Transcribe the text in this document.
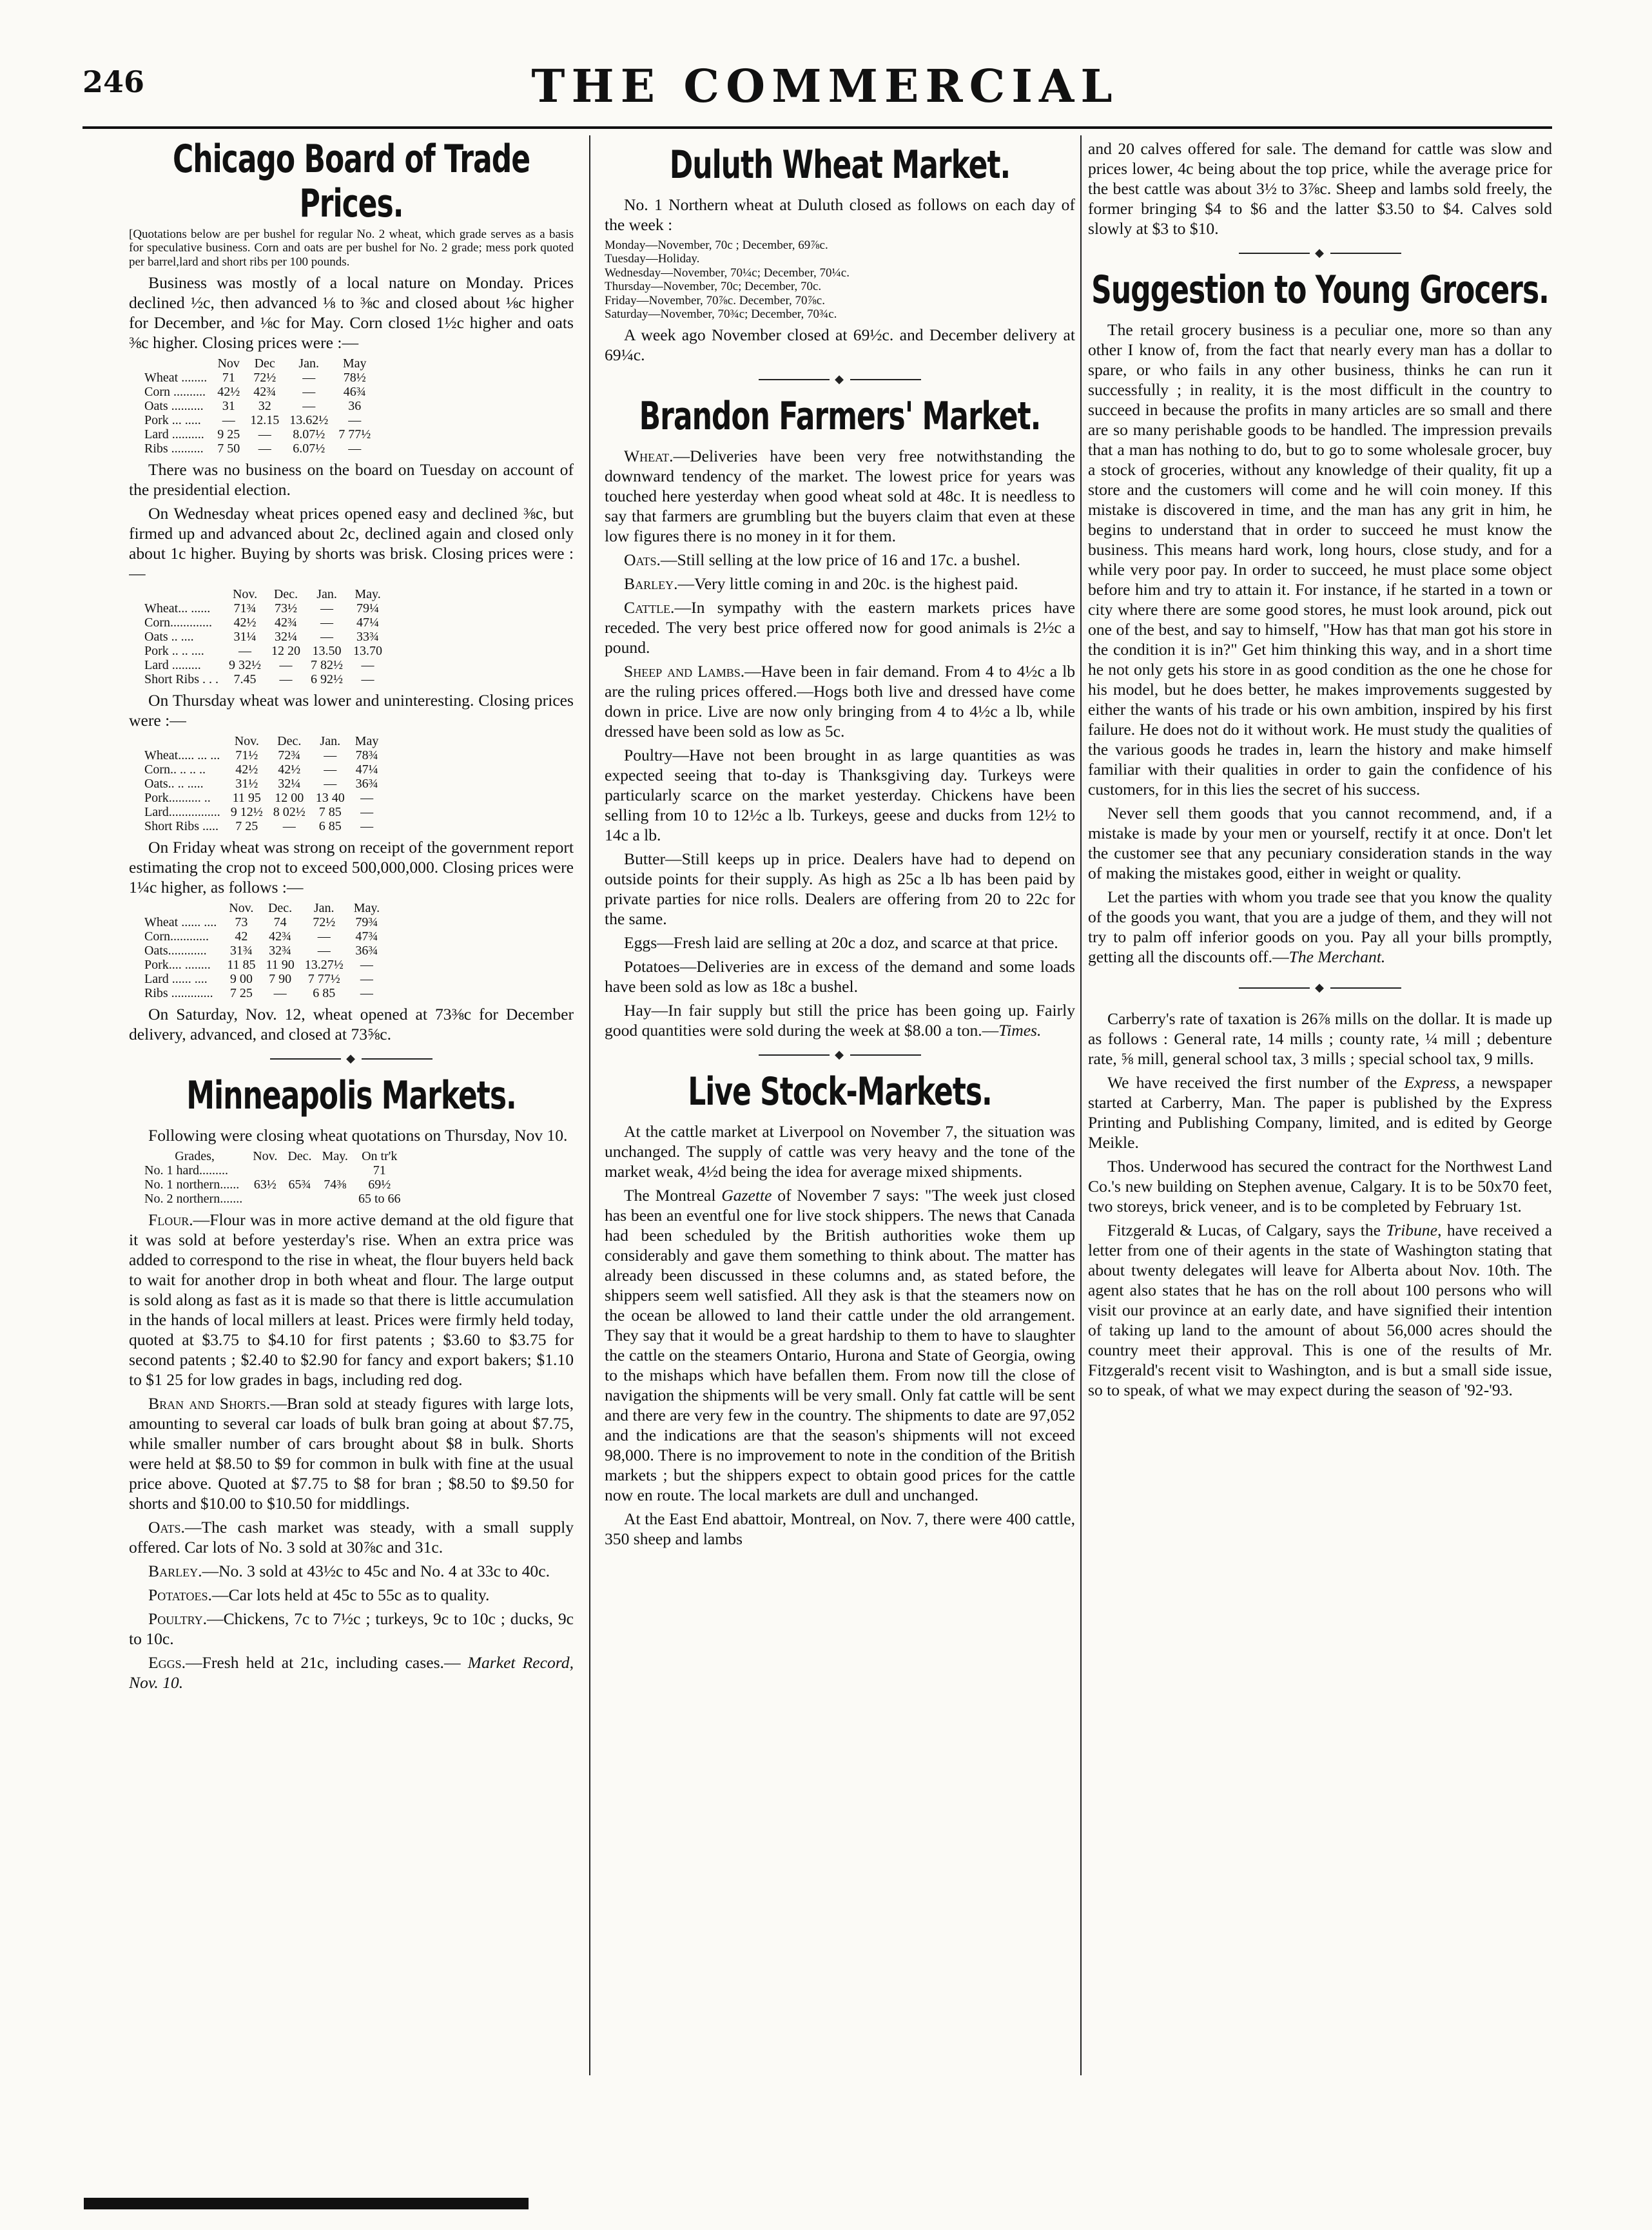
246	THE COMMERCIAL
Chicago Board of Trade Prices.

[Quotations below are per bushel for regular No. 2 wheat, which grade serves as a basis for speculative business. Corn and oats are per bushel for No. 2 grade; mess pork quoted per barrel,lard and short ribs per 100 pounds.

Business was mostly of a local nature on Monday. Prices declined ½c, then advanced ⅛ to ⅜c and closed about ⅛c higher for December, and ⅛c for May. Corn closed 1½c higher and oats ⅜c higher. Closing prices were :—

	Nov	Dec	Jan.	May
Wheat ........	71	72½	—	78½
Corn ..........	42½	42¾	—	46¾
Oats ..........	31	32	—	36
Pork ... .....	—	12.15	13.62½	—
Lard ..........	9 25	—	8.07½	7 77½
Ribs ..........	7 50	—	6.07½	—

There was no business on the board on Tuesday on account of the presidential election.

On Wednesday wheat prices opened easy and declined ⅜c, but firmed up and advanced about 2c, declined again and closed only about 1c higher. Buying by shorts was brisk. Closing prices were :—

	Nov.	Dec.	Jan.	May.
Wheat... ......	71¾	73½	—	79¼
Corn.............	42½	42¾	—	47¼
Oats .. ....	31¼	32¼	—	33¾
Pork .. .. ....	—	12 20	13.50	13.70
Lard .........	9 32½	—	7 82½	—
Short Ribs . . .	7.45	—	6 92½	—

On Thursday wheat was lower and uninteresting. Closing prices were :—

	Nov.	Dec.	Jan.	May
Wheat..... ... ...	71½	72¾	—	78¾
Corn.. .. .. ..	42½	42½	—	47¼
Oats.. .. .....	31½	32¼	—	36¾
Pork.......... ..	11 95	12 00	13 40	—
Lard................	9 12½	8 02½	7 85	—
Short Ribs .....	7 25	—	6 85	—

On Friday wheat was strong on receipt of the government report estimating the crop not to exceed 500,000,000. Closing prices were 1¼c higher, as follows :—

	Nov.	Dec.	Jan.	May.
Wheat ...... ....	73	74	72½	79¾
Corn............	42	42¾	—	47¾
Oats............	31¾	32¾	—	36¾
Pork.... ........	11 85	11 90	13.27½	—
Lard ...... ....	9 00	7 90	7 77½	—
Ribs .............	7 25	—	6 85	—

On Saturday, Nov. 12, wheat opened at 73⅜c for December delivery, advanced, and closed at 73⅝c.

◆
Minneapolis Markets.

Following were closing wheat quotations on Thursday, Nov 10.

Grades,	Nov.	Dec.	May.	On tr'k
No. 1 hard.........				71
No. 1 northern......	63½	65¾	74⅜	69½
No. 2 northern.......				65 to 66

Flour.—Flour was in more active demand at the old figure that it was sold at before yesterday's rise. When an extra price was added to correspond to the rise in wheat, the flour buyers held back to wait for another drop in both wheat and flour. The large output is sold along as fast as it is made so that there is little accumulation in the hands of local millers at least. Prices were firmly held today, quoted at $3.75 to $4.10 for first patents ; $3.60 to $3.75 for second patents ; $2.40 to $2.90 for fancy and export bakers; $1.10 to $1 25 for low grades in bags, including red dog.

Bran and Shorts.—Bran sold at steady figures with large lots, amounting to several car loads of bulk bran going at about $7.75, while smaller number of cars brought about $8 in bulk. Shorts were held at $8.50 to $9 for common in bulk with fine at the usual price above. Quoted at $7.75 to $8 for bran ; $8.50 to $9.50 for shorts and $10.00 to $10.50 for middlings.

Oats.—The cash market was steady, with a small supply offered. Car lots of No. 3 sold at 30⅞c and 31c.

Barley.—No. 3 sold at 43½c to 45c and No. 4 at 33c to 40c.

Potatoes.—Car lots held at 45c to 55c as to quality.

Poultry.—Chickens, 7c to 7½c ; turkeys, 9c to 10c ; ducks, 9c to 10c.

Eggs.—Fresh held at 21c, including cases.— Market Record, Nov. 10.

Duluth Wheat Market.

No. 1 Northern wheat at Duluth closed as follows on each day of the week :

Monday—November, 70c ; December, 69⅞c.

Tuesday—Holiday.

Wednesday—November, 70¼c; December, 70¼c.

Thursday—November, 70c; December, 70c.

Friday—November, 70⅞c. December, 70⅞c.

Saturday—November, 70¾c; December, 70¾c.

A week ago November closed at 69½c. and December delivery at 69¼c.

◆
Brandon Farmers' Market.

Wheat.—Deliveries have been very free notwithstanding the downward tendency of the market. The lowest price for years was touched here yesterday when good wheat sold at 48c. It is needless to say that farmers are grumbling but the buyers claim that even at these low figures there is no money in it for them.

Oats.—Still selling at the low price of 16 and 17c. a bushel.

Barley.—Very little coming in and 20c. is the highest paid.

Cattle.—In sympathy with the eastern markets prices have receded. The very best price offered now for good animals is 2½c a pound.

Sheep and Lambs.—Have been in fair demand. From 4 to 4½c a lb are the ruling prices offered.—Hogs both live and dressed have come down in price. Live are now only bringing from 4 to 4½c a lb, while dressed have been sold as low as 5c.

Poultry—Have not been brought in as large quantities as was expected seeing that to-day is Thanksgiving day. Turkeys were particularly scarce on the market yesterday. Chickens have been selling from 10 to 12½c a lb. Turkeys, geese and ducks from 12½ to 14c a lb.

Butter—Still keeps up in price. Dealers have had to depend on outside points for their supply. As high as 25c a lb has been paid by private parties for nice rolls. Dealers are offering from 20 to 22c for the same.

Eggs—Fresh laid are selling at 20c a doz, and scarce at that price.

Potatoes—Deliveries are in excess of the demand and some loads have been sold as low as 18c a bushel.

Hay—In fair supply but still the price has been going up. Fairly good quantities were sold during the week at $8.00 a ton.—Times.

◆
Live Stock-Markets.

At the cattle market at Liverpool on November 7, the situation was unchanged. The supply of cattle was very heavy and the tone of the market weak, 4½d being the idea for average mixed shipments.

The Montreal Gazette of November 7 says: "The week just closed has been an eventful one for live stock shippers. The news that Canada had been scheduled by the British authorities woke them up considerably and gave them something to think about. The matter has already been discussed in these columns and, as stated before, the shippers seem well satisfied. All they ask is that the steamers now on the ocean be allowed to land their cattle under the old arrangement. They say that it would be a great hardship to them to have to slaughter the cattle on the steamers Ontario, Hurona and State of Georgia, owing to the mishaps which have befallen them. From now till the close of navigation the shipments will be very small. Only fat cattle will be sent and there are very few in the country. The shipments to date are 97,052 and the indications are that the season's shipments will not exceed 98,000. There is no improvement to note in the condition of the British markets ; but the shippers expect to obtain good prices for the cattle now en route. The local markets are dull and unchanged.

At the East End abattoir, Montreal, on Nov. 7, there were 400 cattle, 350 sheep and lambs

and 20 calves offered for sale. The demand for cattle was slow and prices lower, 4c being about the top price, while the average price for the best cattle was about 3½ to 3⅞c. Sheep and lambs sold freely, the former bringing $4 to $6 and the latter $3.50 to $4. Calves sold slowly at $3 to $10.

◆
Suggestion to Young Grocers.

The retail grocery business is a peculiar one, more so than any other I know of, from the fact that nearly every man has a dollar to spare, or who fails in any other business, thinks he can run it successfully ; in reality, it is the most difficult in the country to succeed in because the profits in many articles are so small and there are so many perishable goods to be handled. The impression prevails that a man has nothing to do, but to go to some wholesale grocer, buy a stock of groceries, without any knowledge of their quality, fit up a store and the customers will come and he will coin money. If this mistake is discovered in time, and the man has any grit in him, he begins to understand that in order to succeed he must know the business. This means hard work, long hours, close study, and for a while very poor pay. In order to succeed, he must place some object before him and try to attain it. For instance, if he started in a town or city where there are some good stores, he must look around, pick out one of the best, and say to himself, "How has that man got his store in the condition it is in?" Get him thinking this way, and in a short time he not only gets his store in as good condition as the one he chose for his model, but he does better, he makes improvements suggested by either the wants of his trade or his own ambition, inspired by his first failure. He does not do it without work. He must study the qualities of the various goods he trades in, learn the history and make himself familiar with their qualities in order to gain the confidence of his customers, for in this lies the secret of his success.

Never sell them goods that you cannot recommend, and, if a mistake is made by your men or yourself, rectify it at once. Don't let the customer see that any pecuniary consideration stands in the way of making the mistakes good, either in weight or quality.

Let the parties with whom you trade see that you know the quality of the goods you want, that you are a judge of them, and they will not try to palm off inferior goods on you. Pay all your bills promptly, getting all the discounts off.—The Merchant.

◆

Carberry's rate of taxation is 26⅞ mills on the dollar. It is made up as follows : General rate, 14 mills ; county rate, ¼ mill ; debenture rate, ⅝ mill, general school tax, 3 mills ; special school tax, 9 mills.

We have received the first number of the Express, a newspaper started at Carberry, Man. The paper is published by the Express Printing and Publishing Company, limited, and is edited by George Meikle.

Thos. Underwood has secured the contract for the Northwest Land Co.'s new building on Stephen avenue, Calgary. It is to be 50x70 feet, two storeys, brick veneer, and is to be completed by February 1st.

Fitzgerald & Lucas, of Calgary, says the Tribune, have received a letter from one of their agents in the state of Washington stating that about twenty delegates will leave for Alberta about Nov. 10th. The agent also states that he has on the roll about 100 persons who will visit our province at an early date, and have signified their intention of taking up land to the amount of about 56,000 acres should the country meet their approval. This is one of the results of Mr. Fitzgerald's recent visit to Washington, and is but a small side issue, so to speak, of what we may expect during the season of '92-'93.
